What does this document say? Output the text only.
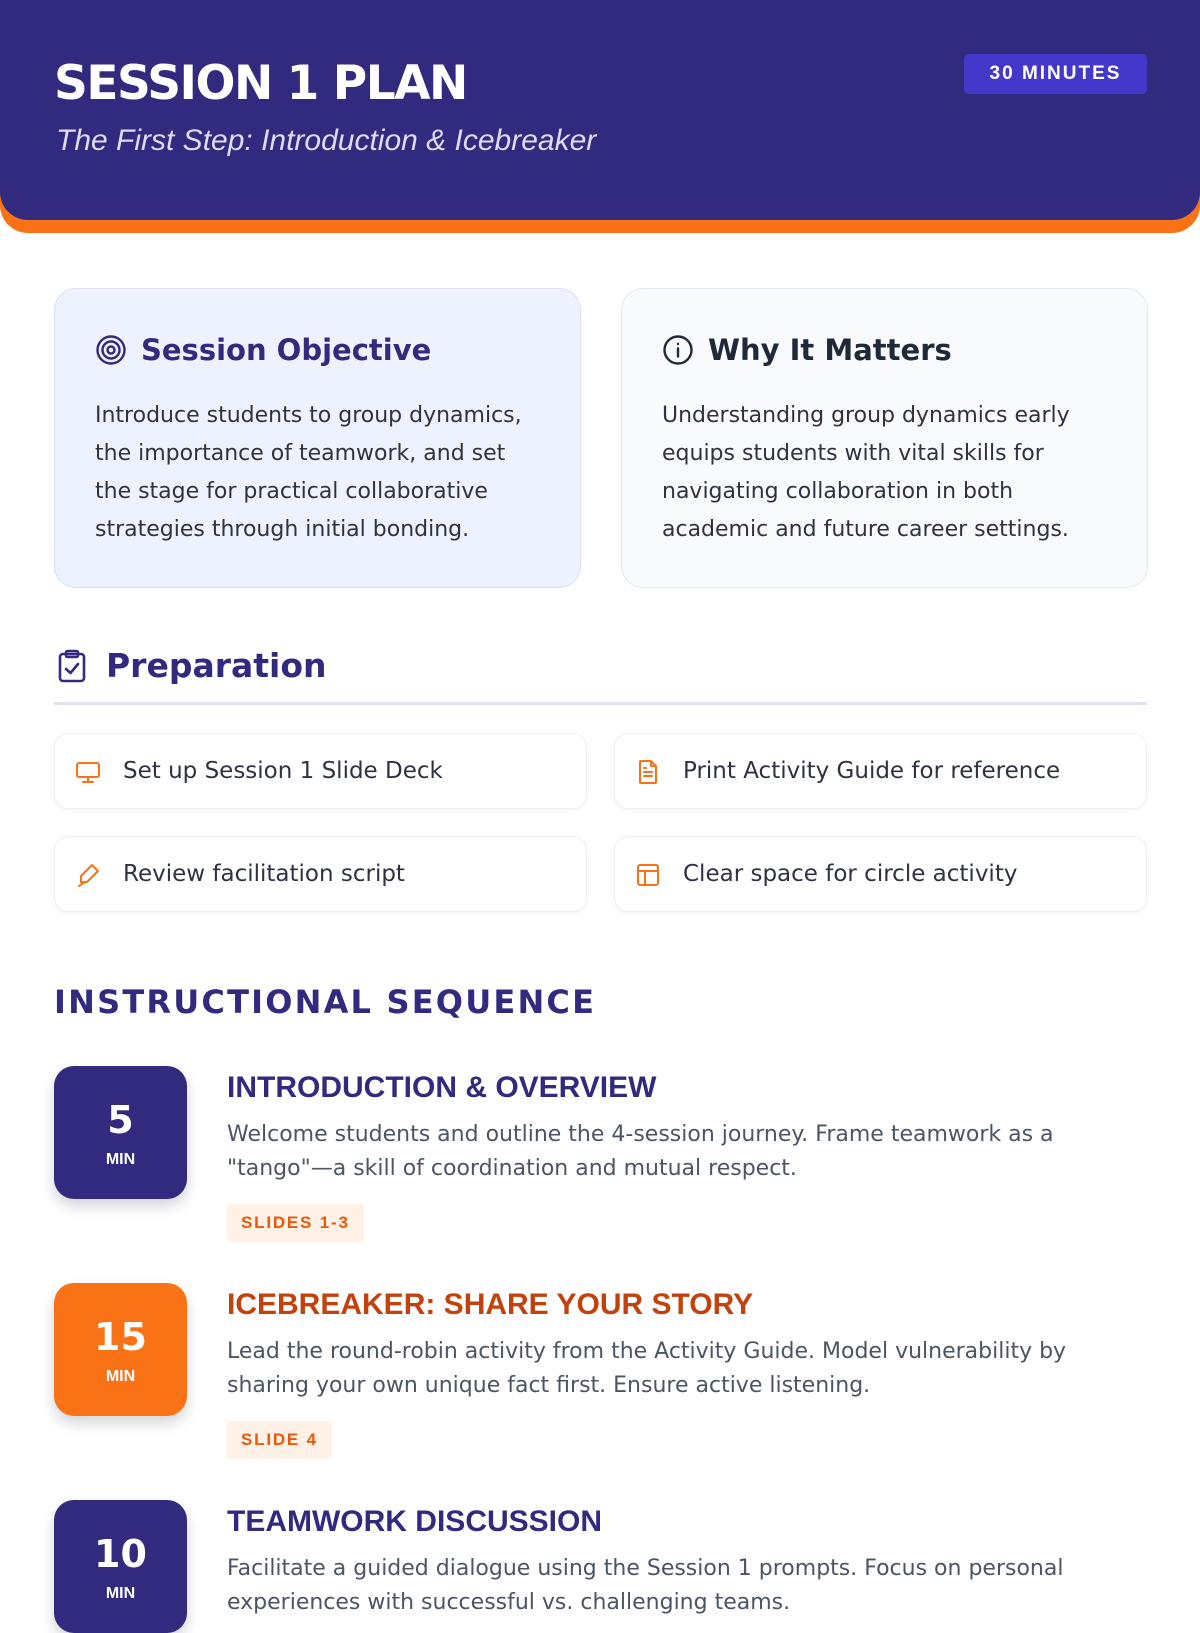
SESSION 1 PLAN
The First Step: Introduction & Icebreaker
30 MINUTES
Session Objective
Introduce students to group dynamics,
the importance of teamwork, and set
the stage for practical collaborative
strategies through initial bonding.
Why It Matters
Understanding group dynamics early
equips students with vital skills for
navigating collaboration in both
academic and future career settings.
Preparation
Set up Session 1 Slide Deck	Print Activity Guide for reference
Review facilitation script	Clear space for circle activity
INSTRUCTIONAL SEQUENCE
5
MIN
INTRODUCTION & OVERVIEW
Welcome students and outline the 4-session journey. Frame teamwork as a
"tango"—a skill of coordination and mutual respect.
SLIDES 1-3
15
MIN
ICEBREAKER: SHARE YOUR STORY
Lead the round-robin activity from the Activity Guide. Model vulnerability by
sharing your own unique fact first. Ensure active listening.
SLIDE 4
10
MIN
TEAMWORK DISCUSSION
Facilitate a guided dialogue using the Session 1 prompts. Focus on personal
experiences with successful vs. challenging teams.
